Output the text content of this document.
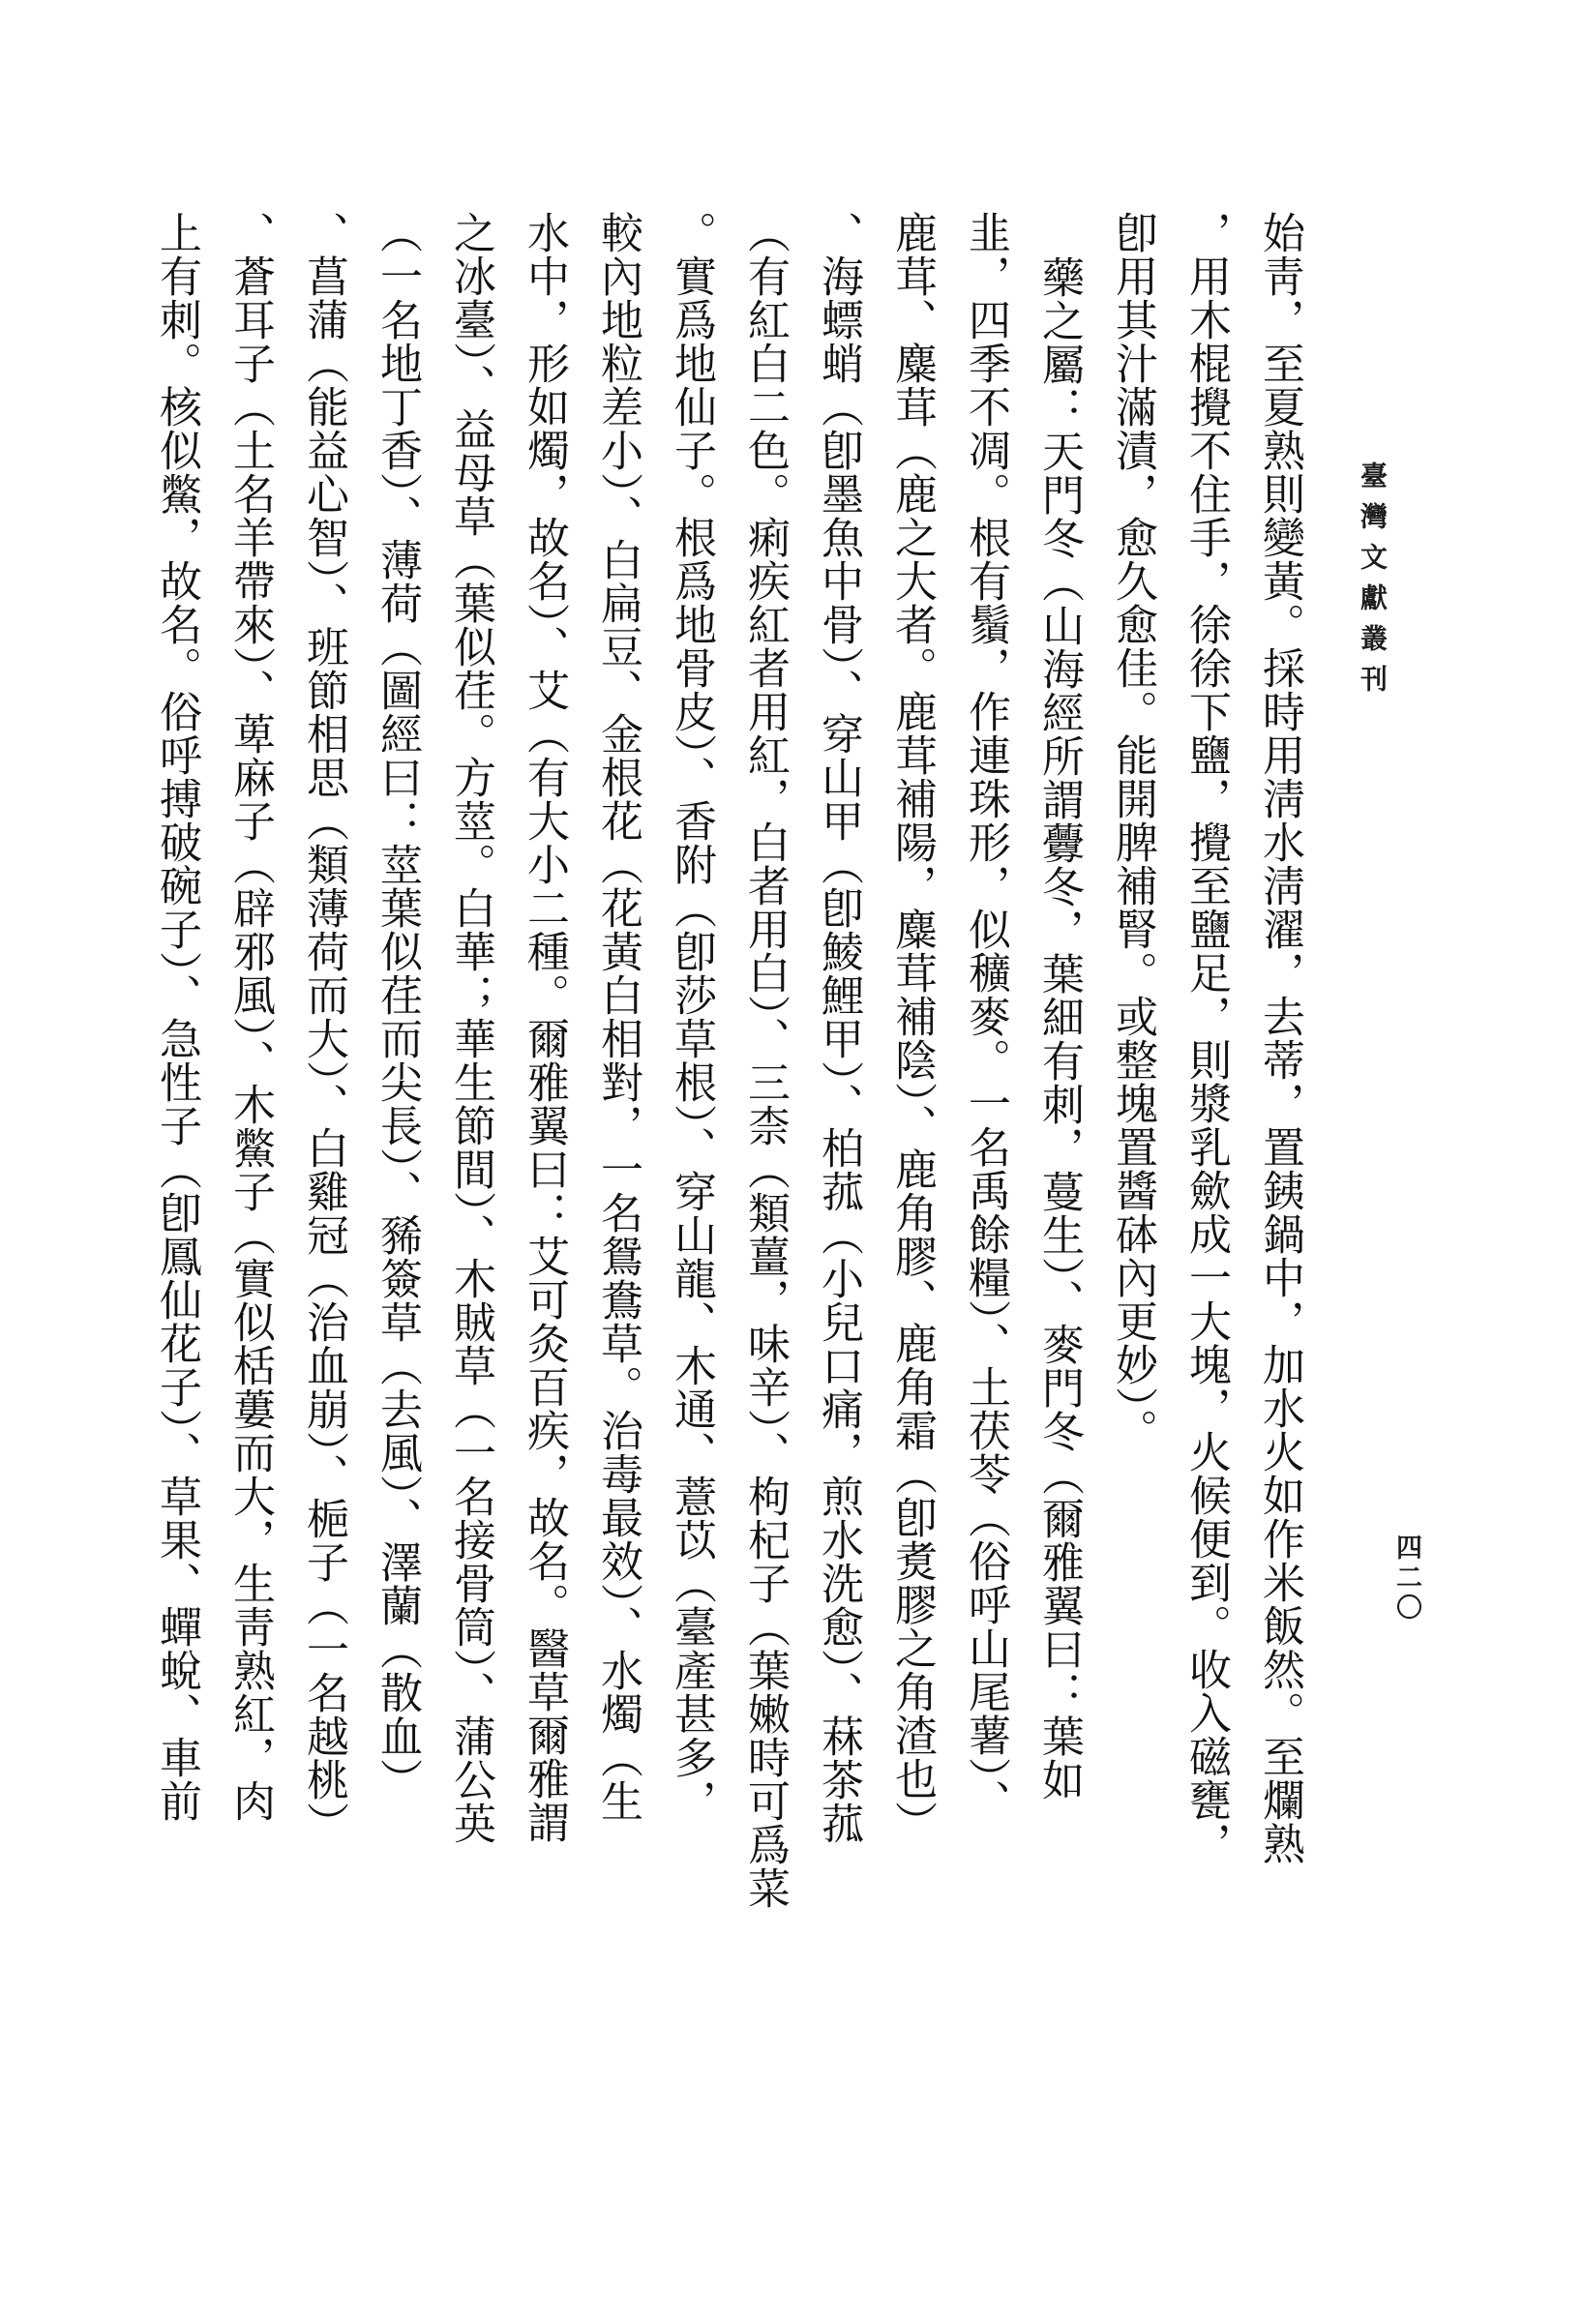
臺灣文獻叢刊
四二〇
始靑，至夏熟則變黃。採時用淸水淸濯，去蒂，置銕鍋中，加水火如作米飯然。至爛熟
，用木棍攪不住手，徐徐下鹽，攪至鹽足，則漿乳歛成一大塊，火候便到。收入磁甕，
卽用其汁滿漬，愈久愈佳。能開脾補腎。或整塊置醬砵內更妙）。
藥之屬：天門冬（山海經所謂虋冬，葉細有刺，蔓生）、麥門冬（爾雅翼曰：葉如
韭，四季不凋。根有鬚，作連珠形，似穬麥。一名禹餘糧）、土茯苓（俗呼山尾薯）、
鹿茸、麋茸（鹿之大者。鹿茸補陽，麋茸補陰）、鹿角膠、鹿角霜（卽煑膠之角渣也）
、海螵蛸（卽墨魚中骨）、穿山甲（卽鯪鯉甲）、柏菰（小兒口痛，煎水洗愈）、菻茶菰
（有紅白二色。痢疾紅者用紅，白者用白）、三柰（類薑，味辛）、枸杞子（葉嫩時可爲菜
。實爲地仙子。根爲地骨皮）、香附（卽莎草根）、穿山龍、木通、薏苡（臺產甚多，
較內地粒差小）、白扁豆、金根花（花黃白相對，一名鴛鴦草。治毒最效）、水燭（生
水中，形如燭，故名）、艾（有大小二種。爾雅翼曰：艾可灸百疾，故名。醫草爾雅謂
之冰臺）、益母草（葉似荏。方莖。白華；華生節間）、木賊草（一名接骨筒）、蒲公英
（一名地丁香）、薄荷（圖經曰：莖葉似荏而尖長）、豨簽草（去風）、澤蘭（散血）
、菖蒲（能益心智）、班節相思（類薄荷而大）、白雞冠（治血崩）、梔子（一名越桃）
、蒼耳子（土名羊帶來）、萆麻子（辟邪風）、木鱉子（實似栝蔞而大，生靑熟紅，肉
上有刺。核似鱉，故名。俗呼搏破碗子）、急性子（卽鳳仙花子）、草果、蟬蛻、車前
